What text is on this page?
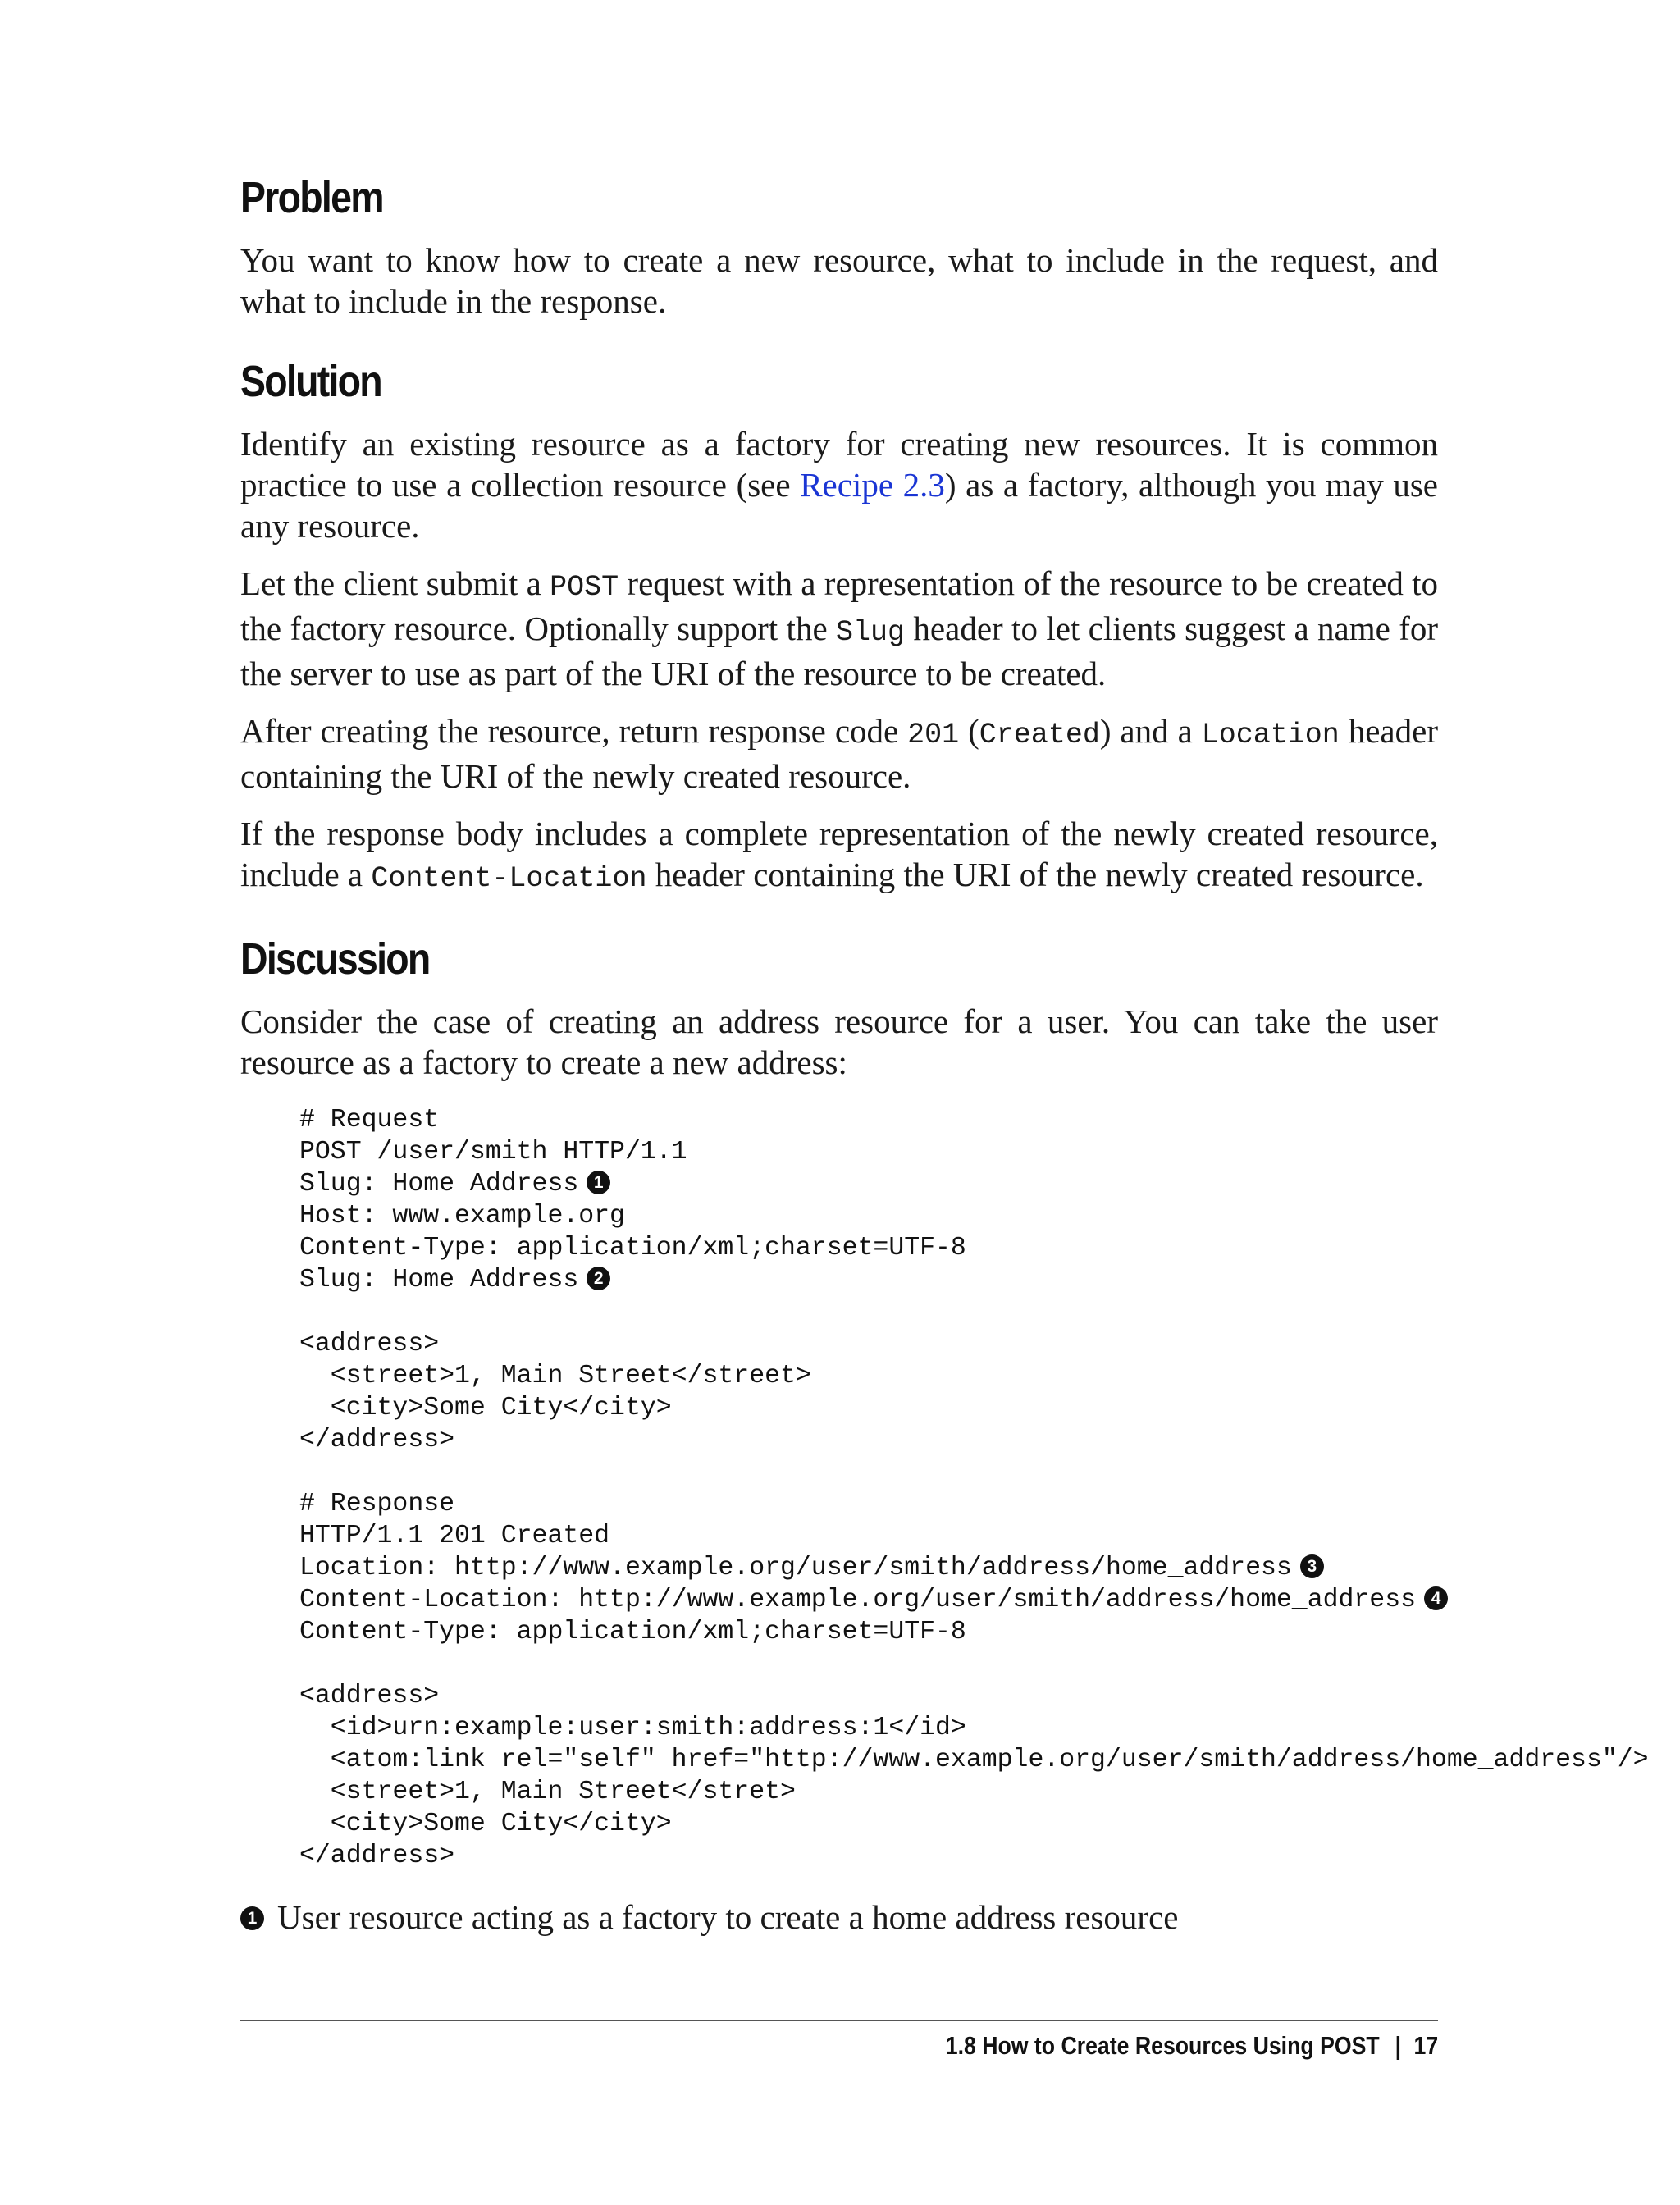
Problem

You want to know how to create a new resource, what to include in the request, and what to include in the response.

Solution

Identify an existing resource as a factory for creating new resources. It is common practice to use a collection resource (see Recipe 2.3) as a factory, although you may use any resource.

Let the client submit a POST request with a representation of the resource to be created to the factory resource. Optionally support the Slug header to let clients suggest a name for the server to use as part of the URI of the resource to be created.

After creating the resource, return response code 201 (Created) and a Location header containing the URI of the newly created resource.

If the response body includes a complete representation of the newly created resource, include a Content-Location header containing the URI of the newly created resource.

Discussion

Consider the case of creating an address resource for a user. You can take the user resource as a factory to create a new address:

# Request
POST /user/smith HTTP/1.1
Slug: Home Address 1
Host: www.example.org
Content-Type: application/xml;charset=UTF-8
Slug: Home Address 2

<address>
<street>1, Main Street</street>
<city>Some City</city>
</address>

# Response
HTTP/1.1 201 Created
Location: http://www.example.org/user/smith/address/home_address 3
Content-Location: http://www.example.org/user/smith/address/home_address 4
Content-Type: application/xml;charset=UTF-8

<address>
<id>urn:example:user:smith:address:1</id>
<atom:link rel="self" href="http://www.example.org/user/smith/address/home_address"/>
<street>1, Main Street</stret>
<city>Some City</city>
</address>
1 User resource acting as a factory to create a home address resource
1.8 How to Create Resources Using POST | 17
